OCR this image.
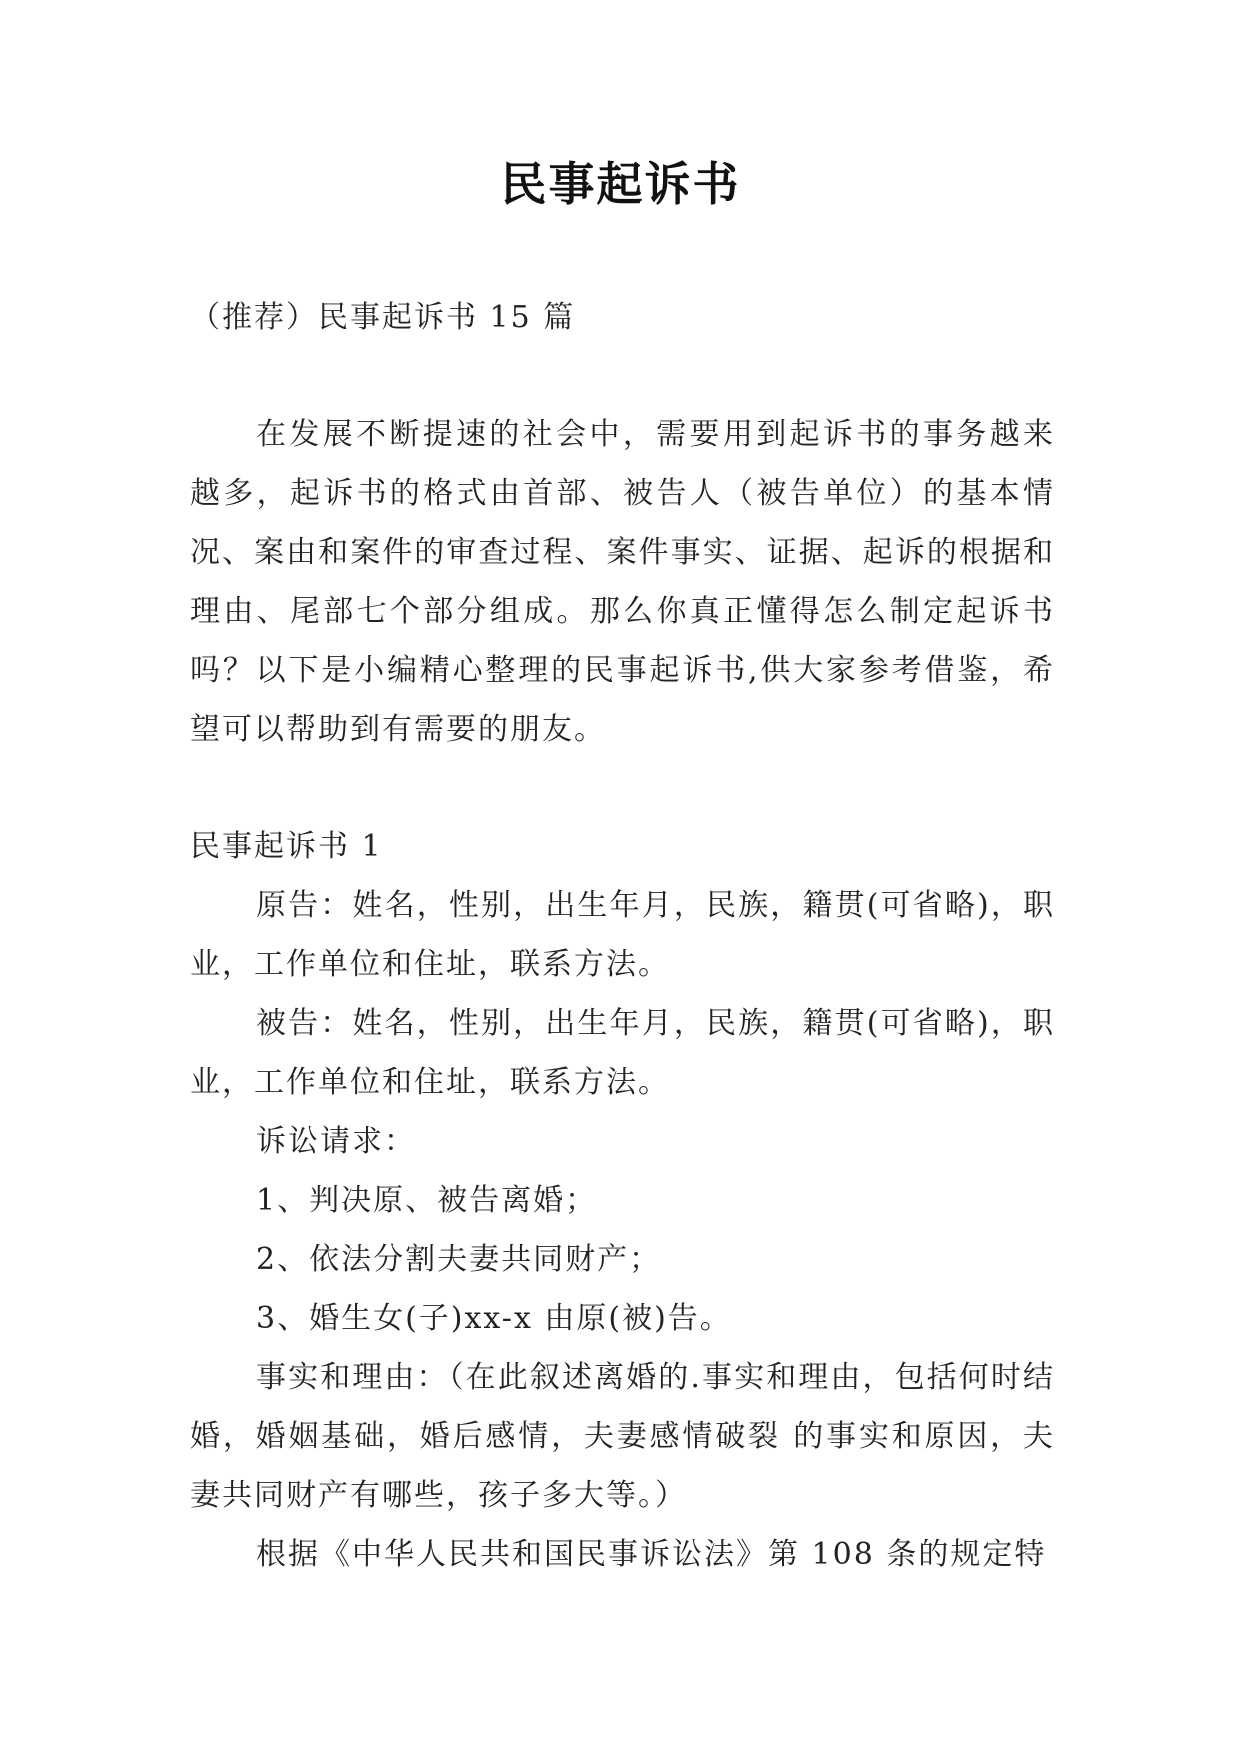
民事起诉书

（推荐）民事起诉书 15 篇

在发展不断提速的社会中，需要用到起诉书的事务越来越多，起诉书的格式由首部、被告人（被告单位）的基本情况、案由和案件的审查过程、案件事实、证据、起诉的根据和理由、尾部七个部分组成。那么你真正懂得怎么制定起诉书吗？以下是小编精心整理的民事起诉书,供大家参考借鉴，希望可以帮助到有需要的朋友。

民事起诉书 1

原告：姓名，性别，出生年月，民族，籍贯(可省略)，职业，工作单位和住址，联系方法。

被告：姓名，性别，出生年月，民族，籍贯(可省略)，职业，工作单位和住址，联系方法。

诉讼请求：

1、判决原、被告离婚；

2、依法分割夫妻共同财产；

3、婚生女(子)xx-x 由原(被)告。

事实和理由：（在此叙述离婚的.事实和理由，包括何时结婚，婚姻基础，婚后感情，夫妻感情破裂 的事实和原因，夫妻共同财产有哪些，孩子多大等。）

根据《中华人民共和国民事诉讼法》第 108 条的规定特
